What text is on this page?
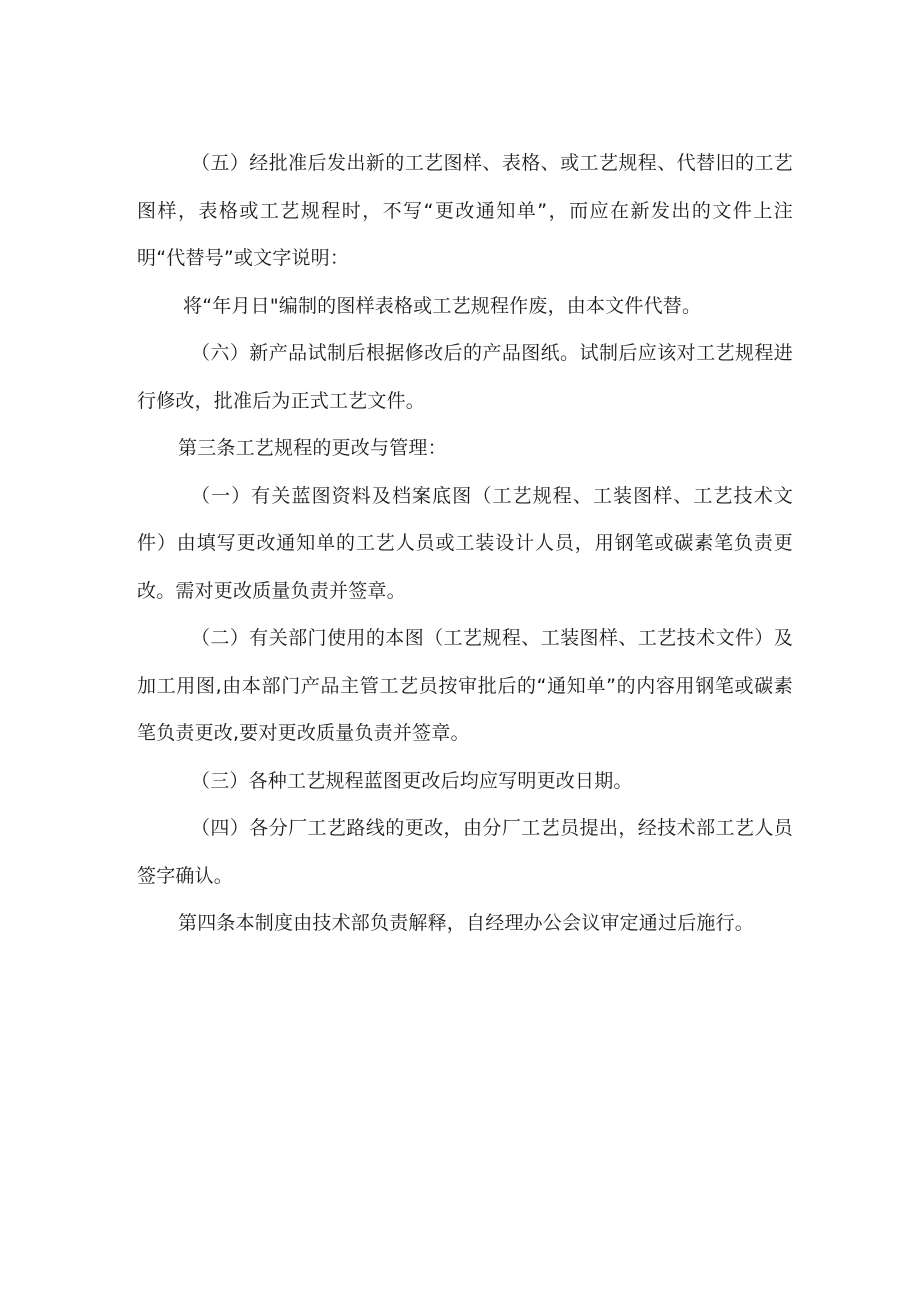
（五）经批准后发出新的工艺图样、表格、或工艺规程、代替旧的工艺图样，表格或工艺规程时，不写“更改通知单”，而应在新发出的文件上注明“代替号”或文字说明：

将“年月日"编制的图样表格或工艺规程作废，由本文件代替。

（六）新产品试制后根据修改后的产品图纸。试制后应该对工艺规程进行修改，批准后为正式工艺文件。

第三条工艺规程的更改与管理：

（一）有关蓝图资料及档案底图（工艺规程、工装图样、工艺技术文件）由填写更改通知单的工艺人员或工装设计人员，用钢笔或碳素笔负责更改。需对更改质量负责并签章。

（二）有关部门使用的本图（工艺规程、工装图样、工艺技术文件）及加工用图,由本部门产品主管工艺员按审批后的“通知单”的内容用钢笔或碳素笔负责更改,要对更改质量负责并签章。

（三）各种工艺规程蓝图更改后均应写明更改日期。

（四）各分厂工艺路线的更改，由分厂工艺员提出，经技术部工艺人员签字确认。

第四条本制度由技术部负责解释，自经理办公会议审定通过后施行。
